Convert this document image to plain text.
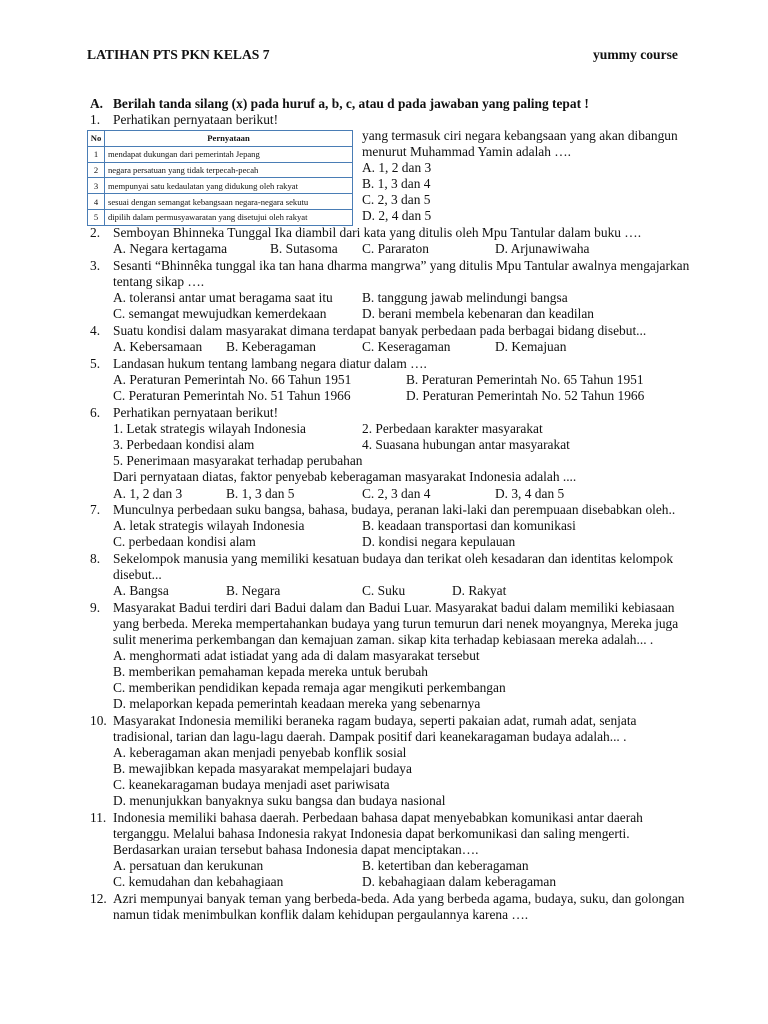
LATIHAN PTS PKN KELAS 7	yummy course
A. Berilah tanda silang (x) pada huruf a, b, c, atau d pada jawaban yang paling tepat !
1. Perhatikan pernyataan berikut!
No	Pernyataan
1	mendapat dukungan dari pemerintah Jepang
2	negara persatuan yang tidak terpecah-pecah
3	mempunyai satu kedaulatan yang didukung oleh rakyat
4	sesuai dengan semangat kebangsaan negara-negara sekutu
5	dipilih dalam permusyawaratan yang disetujui oleh rakyat
yang termasuk ciri negara kebangsaan yang akan dibangun
menurut Muhammad Yamin adalah ….
A. 1, 2 dan 3
B. 1, 3 dan 4
C. 2, 3 dan 5
D. 2, 4 dan 5
2. Semboyan Bhinneka Tunggal Ika diambil dari kata yang ditulis oleh Mpu Tantular dalam buku ….
A. Negara kertagama	B. Sutasoma C. Pararaton	D. Arjunawiwaha
3. Sesanti “Bhinnêka tunggal ika tan hana dharma mangrwa” yang ditulis Mpu Tantular awalnya mengajarkan
tentang sikap ….
A. toleransi antar umat beragama saat itu B. tanggung jawab melindungi bangsa
C. semangat mewujudkan kemerdekaan	D. berani membela kebenaran dan keadilan
4. Suatu kondisi dalam masyarakat dimana terdapat banyak perbedaan pada berbagai bidang disebut...
A. Kebersamaan B. Keberagaman	C. Keseragaman	D. Kemajuan
5. Landasan hukum tentang lambang negara diatur dalam ….
A. Peraturan Pemerintah No. 66 Tahun 1951	B. Peraturan Pemerintah No. 65 Tahun 1951
C. Peraturan Pemerintah No. 51 Tahun 1966	D. Peraturan Pemerintah No. 52 Tahun 1966
6. Perhatikan pernyataan berikut!
1. Letak strategis wilayah Indonesia	2. Perbedaan karakter masyarakat
3. Perbedaan kondisi alam	4. Suasana hubungan antar masyarakat
5. Penerimaan masyarakat terhadap perubahan
Dari pernyataan diatas, faktor penyebab keberagaman masyarakat Indonesia adalah ....
A. 1, 2 dan 3	B. 1, 3 dan 5	C. 2, 3 dan 4	D. 3, 4 dan 5
7. Munculnya perbedaan suku bangsa, bahasa, budaya, peranan laki-laki dan perempuaan disebabkan oleh..
A. letak strategis wilayah Indonesia	B. keadaan transportasi dan komunikasi
C. perbedaan kondisi alam	D. kondisi negara kepulauan
8. Sekelompok manusia yang memiliki kesatuan budaya dan terikat oleh kesadaran dan identitas kelompok
disebut...
A. Bangsa	B. Negara	C. Suku	D. Rakyat
9. Masyarakat Badui terdiri dari Badui dalam dan Badui Luar. Masyarakat badui dalam memiliki kebiasaan
yang berbeda. Mereka mempertahankan budaya yang turun temurun dari nenek moyangnya, Mereka juga
sulit menerima perkembangan dan kemajuan zaman. sikap kita terhadap kebiasaan mereka adalah... .
A. menghormati adat istiadat yang ada di dalam masyarakat tersebut
B. memberikan pemahaman kepada mereka untuk berubah
C. memberikan pendidikan kepada remaja agar mengikuti perkembangan
D. melaporkan kepada pemerintah keadaan mereka yang sebenarnya
10. Masyarakat Indonesia memiliki beraneka ragam budaya, seperti pakaian adat, rumah adat, senjata
tradisional, tarian dan lagu-lagu daerah. Dampak positif dari keanekaragaman budaya adalah... .
A. keberagaman akan menjadi penyebab konflik sosial
B. mewajibkan kepada masyarakat mempelajari budaya
C. keanekaragaman budaya menjadi aset pariwisata
D. menunjukkan banyaknya suku bangsa dan budaya nasional
11. Indonesia memiliki bahasa daerah. Perbedaan bahasa dapat menyebabkan komunikasi antar daerah
terganggu. Melalui bahasa Indonesia rakyat Indonesia dapat berkomunikasi dan saling mengerti.
Berdasarkan uraian tersebut bahasa Indonesia dapat menciptakan….
A. persatuan dan kerukunan	B. ketertiban dan keberagaman
C. kemudahan dan kebahagiaan	D. kebahagiaan dalam keberagaman
12. Azri mempunyai banyak teman yang berbeda-beda. Ada yang berbeda agama, budaya, suku, dan golongan
namun tidak menimbulkan konflik dalam kehidupan pergaulannya karena ….
